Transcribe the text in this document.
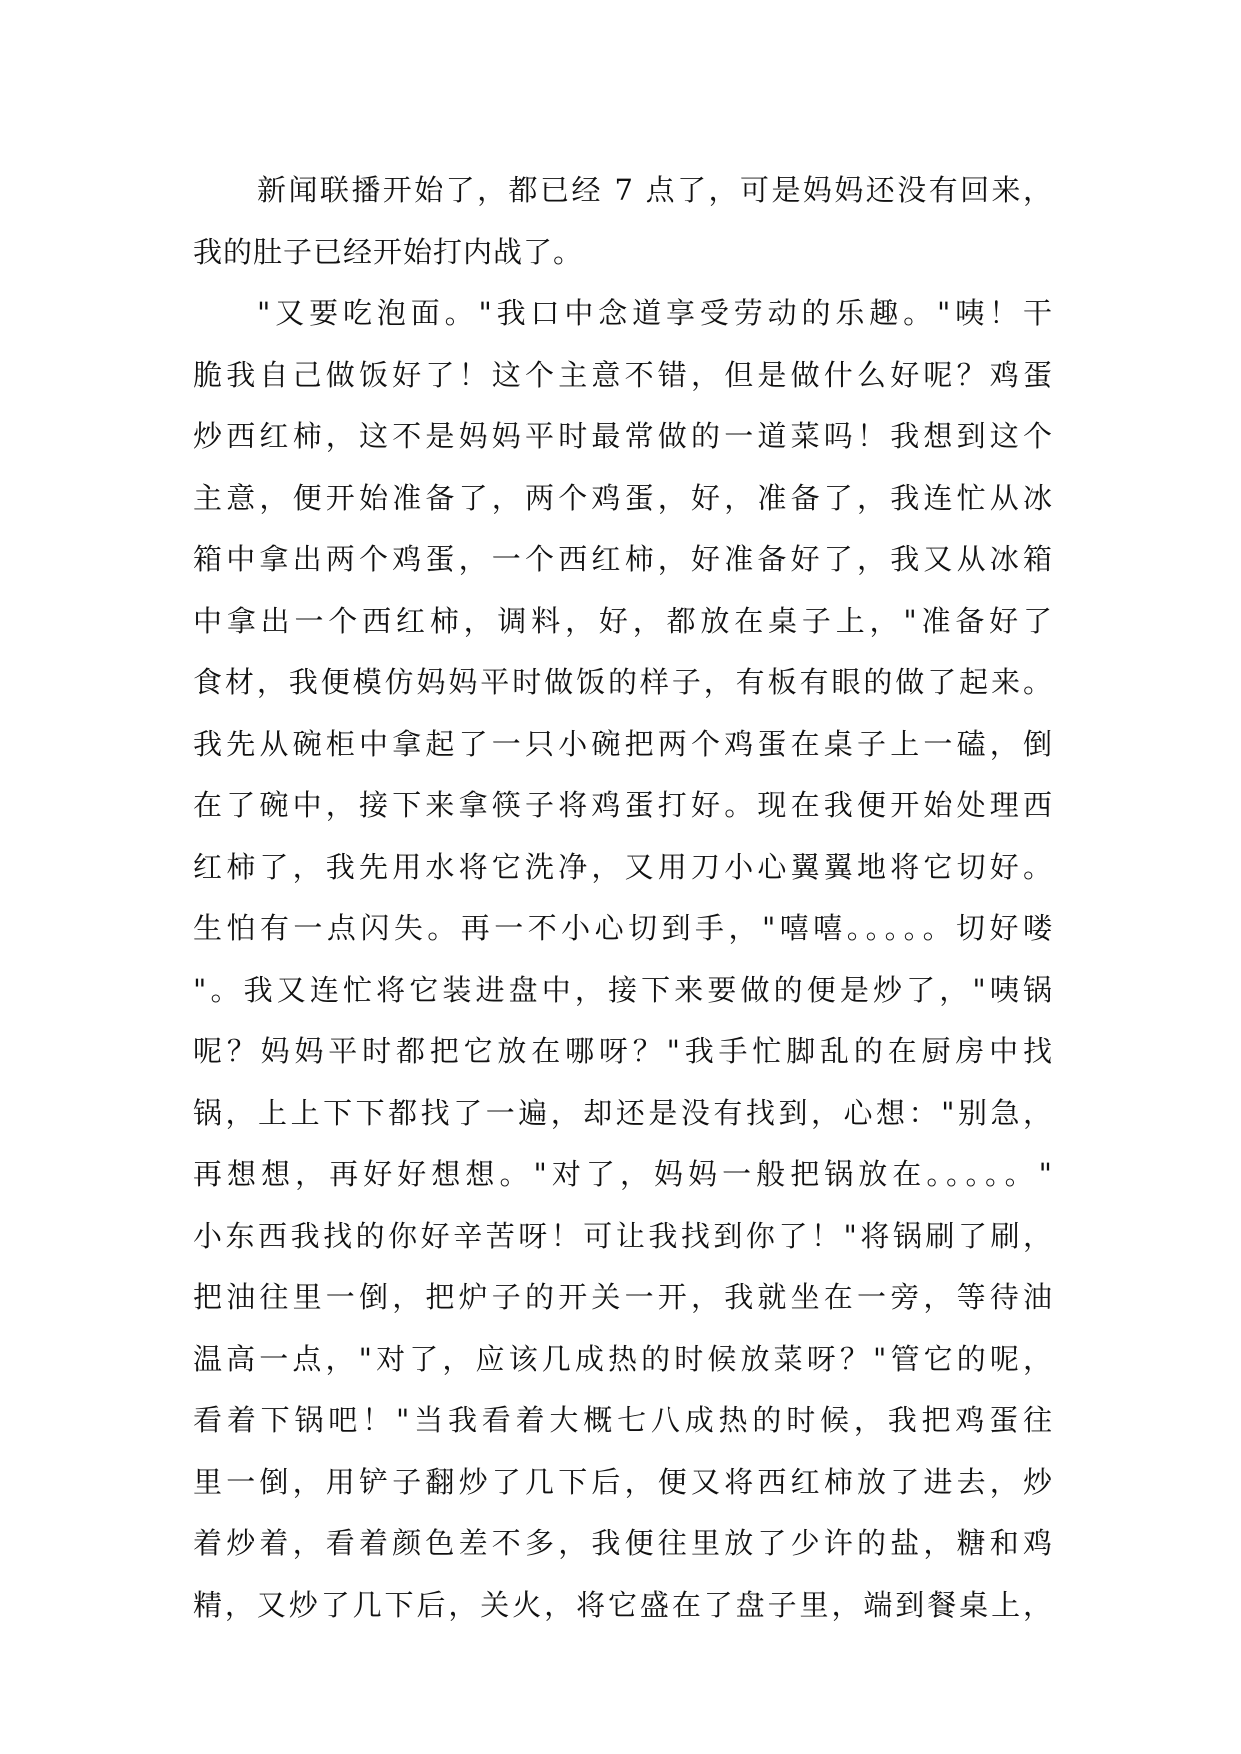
新闻联播开始了，都已经 7 点了，可是妈妈还没有回来，
我的肚子已经开始打内战了。
"又要吃泡面。"我口中念道享受劳动的乐趣。"咦！干
脆我自己做饭好了！这个主意不错，但是做什么好呢？鸡蛋
炒西红柿，这不是妈妈平时最常做的一道菜吗！我想到这个
主意，便开始准备了，两个鸡蛋，好，准备了，我连忙从冰
箱中拿出两个鸡蛋，一个西红柿，好准备好了，我又从冰箱
中拿出一个西红柿，调料，好，都放在桌子上，"准备好了
食材，我便模仿妈妈平时做饭的样子，有板有眼的做了起来。
我先从碗柜中拿起了一只小碗把两个鸡蛋在桌子上一磕，倒
在了碗中，接下来拿筷子将鸡蛋打好。现在我便开始处理西
红柿了，我先用水将它洗净，又用刀小心翼翼地将它切好。
生怕有一点闪失。再一不小心切到手，"嘻嘻。。。。。切好喽
"。我又连忙将它装进盘中，接下来要做的便是炒了，"咦锅
呢？妈妈平时都把它放在哪呀？"我手忙脚乱的在厨房中找
锅，上上下下都找了一遍，却还是没有找到，心想："别急，
再想想，再好好想想。"对了，妈妈一般把锅放在。。。。。"
小东西我找的你好辛苦呀！可让我找到你了！"将锅刷了刷，
把油往里一倒，把炉子的开关一开，我就坐在一旁，等待油
温高一点，"对了，应该几成热的时候放菜呀？"管它的呢，
看着下锅吧！"当我看着大概七八成热的时候，我把鸡蛋往
里一倒，用铲子翻炒了几下后，便又将西红柿放了进去，炒
着炒着，看着颜色差不多，我便往里放了少许的盐，糖和鸡
精，又炒了几下后，关火，将它盛在了盘子里，端到餐桌上，
